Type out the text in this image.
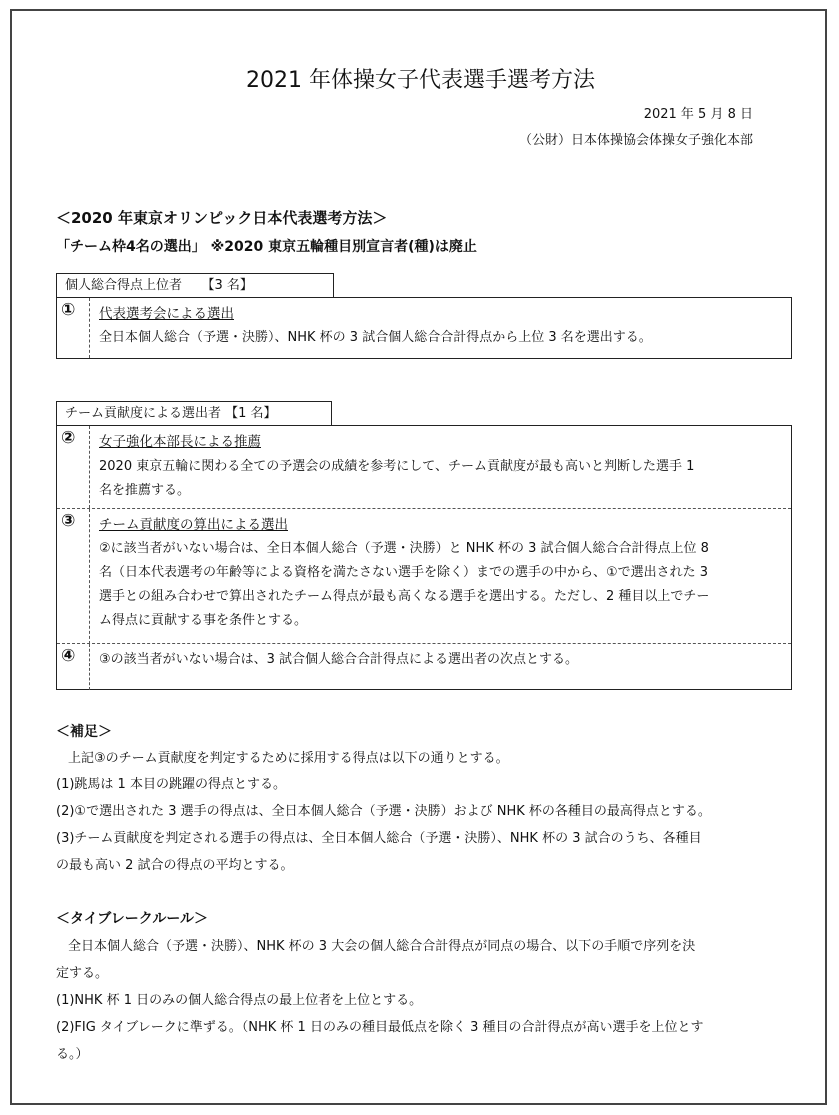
2021 年体操女子代表選手選考方法
2021 年 5 月 8 日
（公財）日本体操協会体操女子強化本部
＜2020 年東京オリンピック日本代表選考方法＞
「チーム枠4名の選出」 ※2020 東京五輪種目別宣言者(種)は廃止
個人総合得点上位者　　【3 名】
① 代表選考会による選出
全日本個人総合（予選・決勝）、NHK 杯の 3 試合個人総合合計得点から上位 3 名を選出する。
チーム貢献度による選出者 【1 名】
② 女子強化本部長による推薦
2020 東京五輪に関わる全ての予選会の成績を参考にして、チーム貢献度が最も高いと判断した選手 1
名を推薦する。
③ チーム貢献度の算出による選出
②に該当者がいない場合は、全日本個人総合（予選・決勝）と NHK 杯の 3 試合個人総合合計得点上位 8
名（日本代表選考の年齢等による資格を満たさない選手を除く）までの選手の中から、①で選出された 3
選手との組み合わせで算出されたチーム得点が最も高くなる選手を選出する。ただし、2 種目以上でチー
ム得点に貢献する事を条件とする。
④ ③の該当者がいない場合は、3 試合個人総合合計得点による選出者の次点とする。
＜補足＞
上記③のチーム貢献度を判定するために採用する得点は以下の通りとする。
(1)跳馬は 1 本目の跳躍の得点とする。
(2)①で選出された 3 選手の得点は、全日本個人総合（予選・決勝）および NHK 杯の各種目の最高得点とする。
(3)チーム貢献度を判定される選手の得点は、全日本個人総合（予選・決勝）、NHK 杯の 3 試合のうち、各種目
の最も高い 2 試合の得点の平均とする。
＜タイブレークルール＞
全日本個人総合（予選・決勝）、NHK 杯の 3 大会の個人総合合計得点が同点の場合、以下の手順で序列を決
定する。
(1)NHK 杯 1 日のみの個人総合得点の最上位者を上位とする。
(2)FIG タイブレークに準ずる。（NHK 杯 1 日のみの種目最低点を除く 3 種目の合計得点が高い選手を上位とす
る。）
